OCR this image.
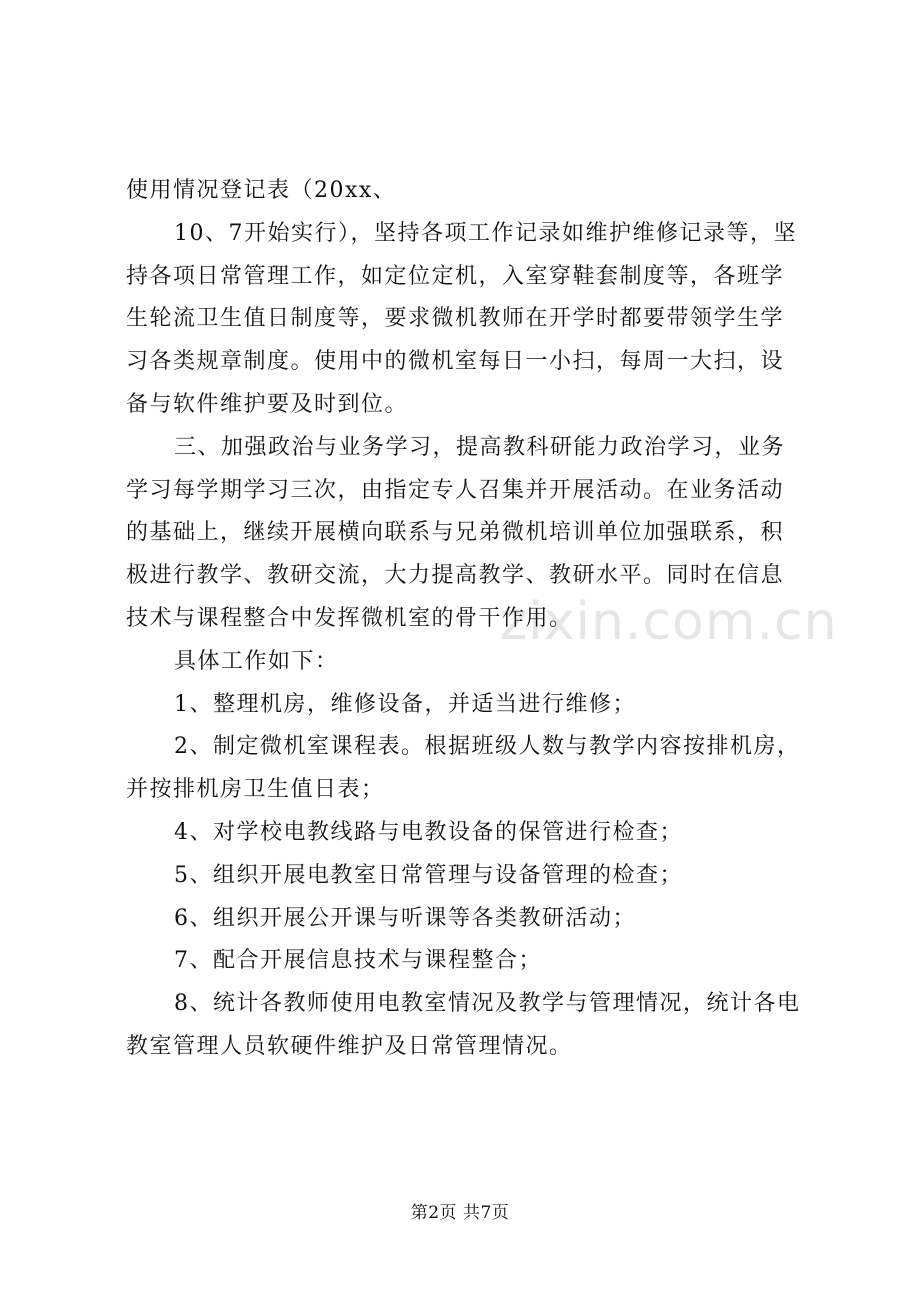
zixin.com.cn

使用情况登记表（20xx、

10、7开始实行），坚持各项工作记录如维护维修记录等，坚持各项日常管理工作，如定位定机，入室穿鞋套制度等，各班学生轮流卫生值日制度等，要求微机教师在开学时都要带领学生学习各类规章制度。使用中的微机室每日一小扫，每周一大扫，设备与软件维护要及时到位。

三、加强政治与业务学习，提高教科研能力政治学习，业务学习每学期学习三次，由指定专人召集并开展活动。在业务活动的基础上，继续开展横向联系与兄弟微机培训单位加强联系，积极进行教学、教研交流，大力提高教学、教研水平。同时在信息技术与课程整合中发挥微机室的骨干作用。

具体工作如下：

1、整理机房，维修设备，并适当进行维修；

2、制定微机室课程表。根据班级人数与教学内容按排机房，并按排机房卫生值日表；

4、对学校电教线路与电教设备的保管进行检查；

5、组织开展电教室日常管理与设备管理的检查；

6、组织开展公开课与听课等各类教研活动；

7、配合开展信息技术与课程整合；

8、统计各教师使用电教室情况及教学与管理情况，统计各电教室管理人员软硬件维护及日常管理情况。

第2页 共7页
